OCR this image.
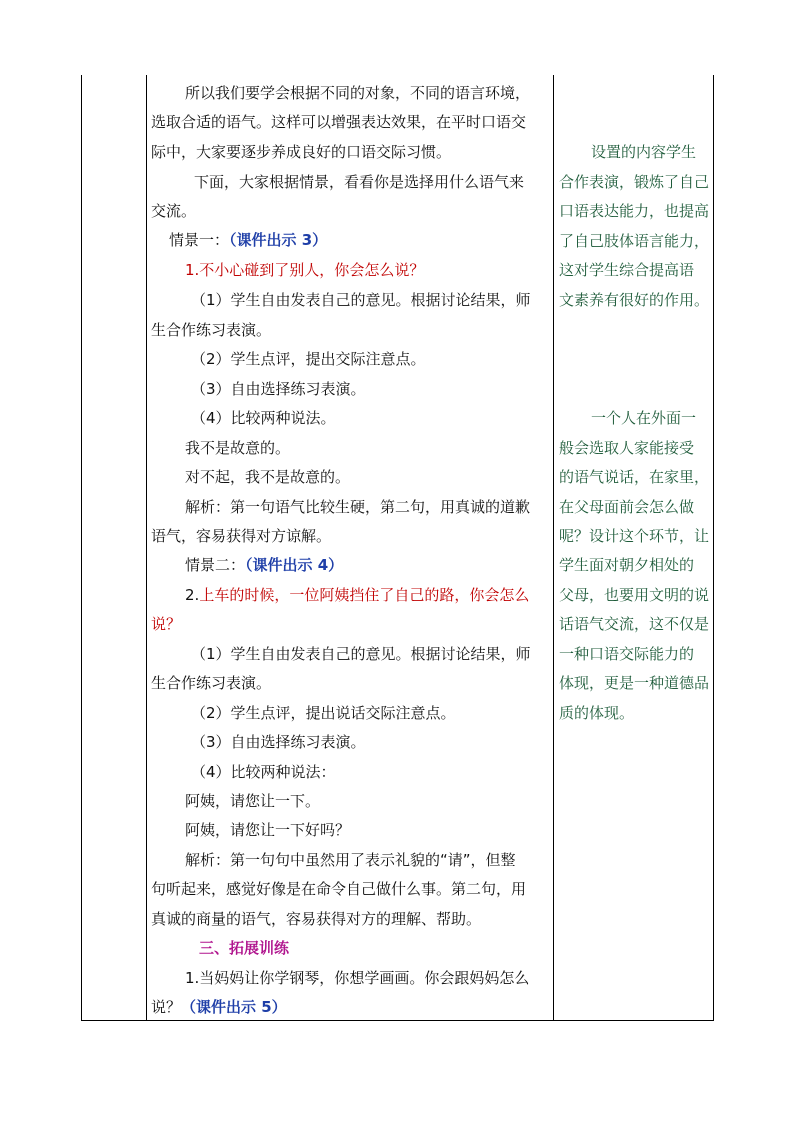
所以我们要学会根据不同的对象，不同的语言环境，
选取合适的语气。这样可以增强表达效果，在平时口语交
际中，大家要逐步养成良好的口语交际习惯。
下面，大家根据情景，看看你是选择用什么语气来
交流。
情景一：（课件出示 3）
1.不小心碰到了别人，你会怎么说？
（1）学生自由发表自己的意见。根据讨论结果，师
生合作练习表演。
（2）学生点评，提出交际注意点。
（3）自由选择练习表演。
（4）比较两种说法。
我不是故意的。
对不起，我不是故意的。
解析：第一句语气比较生硬，第二句，用真诚的道歉
语气，容易获得对方谅解。
情景二：（课件出示 4）
2.上车的时候，一位阿姨挡住了自己的路，你会怎么
说？
（1）学生自由发表自己的意见。根据讨论结果，师
生合作练习表演。
（2）学生点评，提出说话交际注意点。
（3）自由选择练习表演。
（4）比较两种说法：
阿姨，请您让一下。
阿姨，请您让一下好吗？
解析：第一句句中虽然用了表示礼貌的“请”，但整
句听起来，感觉好像是在命令自己做什么事。第二句，用
真诚的商量的语气，容易获得对方的理解、帮助。
三、拓展训练
1.当妈妈让你学钢琴，你想学画画。你会跟妈妈怎么
说？（课件出示 5）
设置的内容学生
合作表演，锻炼了自己
口语表达能力，也提高
了自己肢体语言能力，
这对学生综合提高语
文素养有很好的作用。
一个人在外面一
般会选取人家能接受
的语气说话，在家里，
在父母面前会怎么做
呢？设计这个环节，让
学生面对朝夕相处的
父母，也要用文明的说
话语气交流，这不仅是
一种口语交际能力的
体现，更是一种道德品
质的体现。
